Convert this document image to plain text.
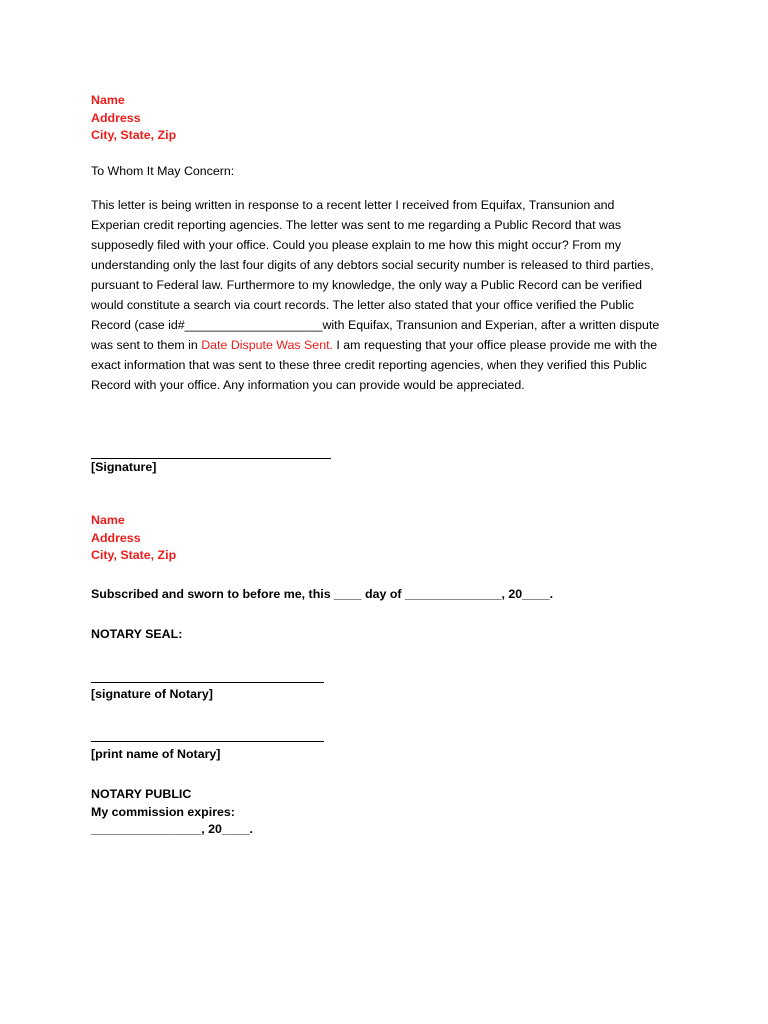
Name
Address
City, State, Zip
To Whom It May Concern:
This letter is being written in response to a recent letter I received from Equifax, Transunion and
Experian credit reporting agencies. The letter was sent to me regarding a Public Record that was
supposedly filed with your office. Could you please explain to me how this might occur? From my
understanding only the last four digits of any debtors social security number is released to third parties,
pursuant to Federal law. Furthermore to my knowledge, the only way a Public Record can be verified
would constitute a search via court records. The letter also stated that your office verified the Public
Record (case id#____________________with Equifax, Transunion and Experian, after a written dispute
was sent to them in Date Dispute Was Sent. I am requesting that your office please provide me with the
exact information that was sent to these three credit reporting agencies, when they verified this Public
Record with your office. Any information you can provide would be appreciated.
[Signature]
Name
Address
City, State, Zip
Subscribed and sworn to before me, this ____ day of ______________, 20____.
NOTARY SEAL:
[signature of Notary]
[print name of Notary]
NOTARY PUBLIC
My commission expires:
________________, 20____.
